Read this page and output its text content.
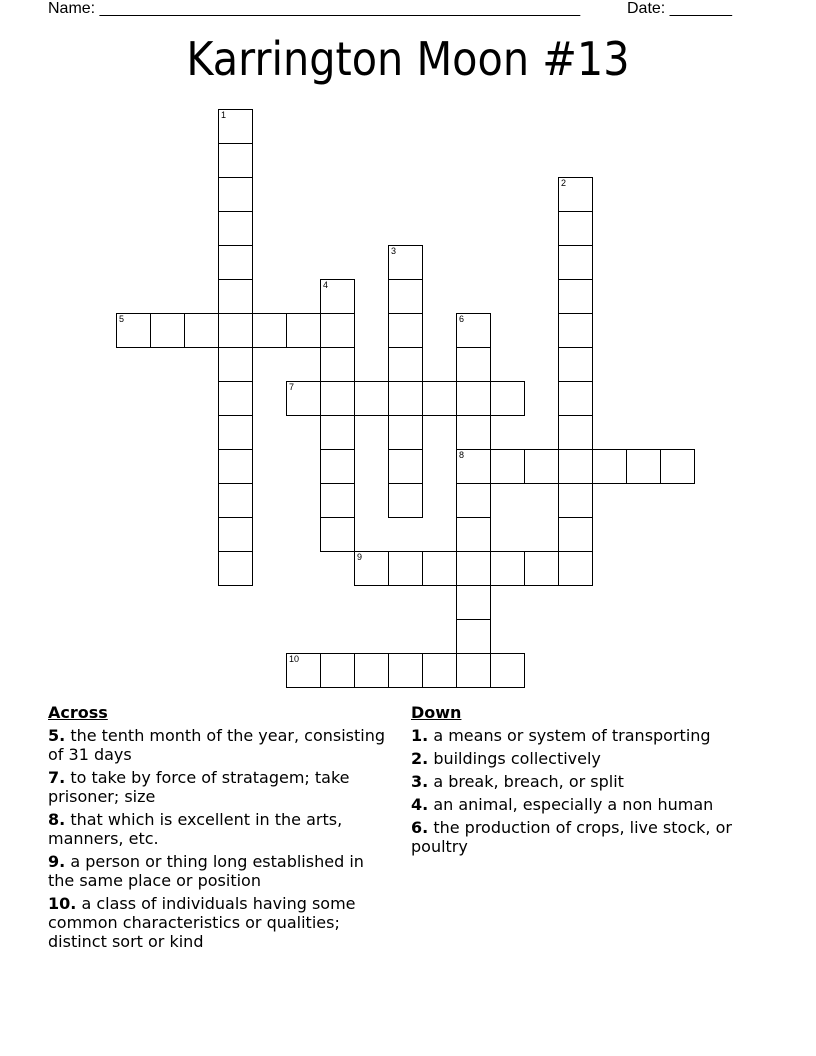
Name: ______________________________________________________	Date: _______
Karrington Moon #13
1
2
3
4
5	6
8
7
9
10
Across
5. the tenth month of the year, consisting of 31 days
7. to take by force of stratagem; take prisoner; size
8. that which is excellent in the arts, manners, etc.
9. a person or thing long established in the same place or position
10. a class of individuals having some common characteristics or qualities; distinct sort or kind
Down
1. a means or system of transporting
2. buildings collectively
3. a break, breach, or split
4. an animal, especially a non human
6. the production of crops, live stock, or poultry
